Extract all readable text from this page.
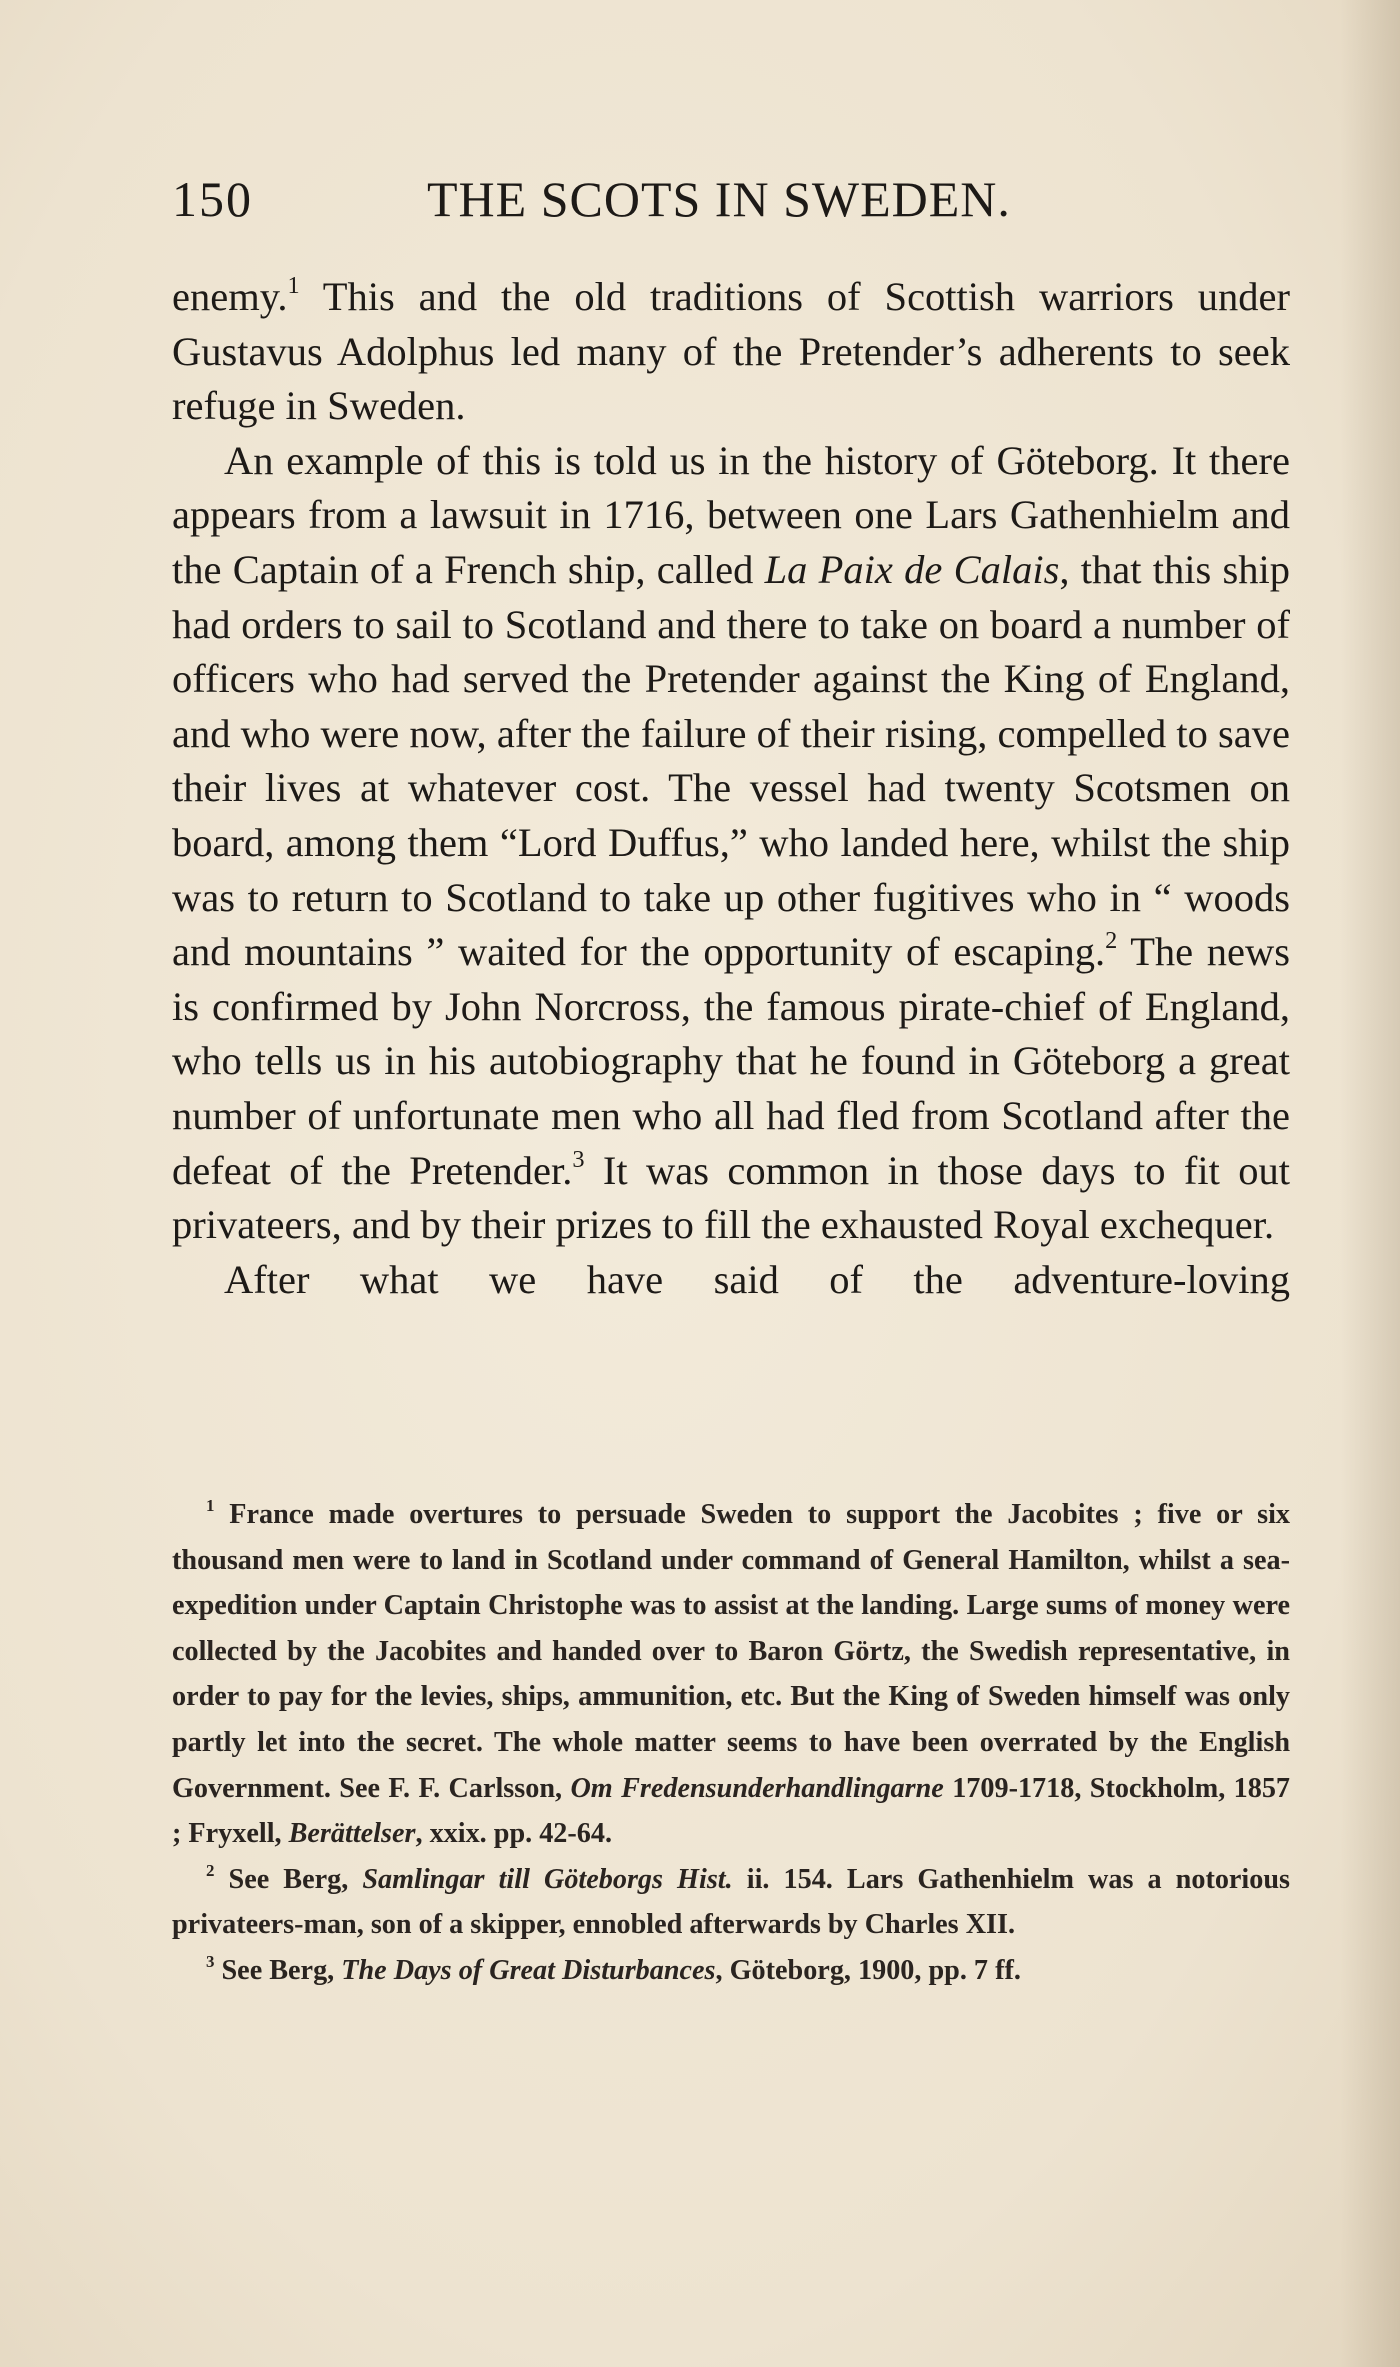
150	THE SCOTS IN SWEDEN.

enemy.$^1$ This and the old traditions of Scottish warriors under Gustavus Adolphus led many of the Pretender’s adherents to seek refuge in Sweden.

An example of this is told us in the history of Göteborg. It there appears from a lawsuit in 1716, between one Lars Gathenhielm and the Captain of a French ship, called La Paix de Calais, that this ship had orders to sail to Scotland and there to take on board a number of officers who had served the Pretender against the King of England, and who were now, after the failure of their rising, compelled to save their lives at whatever cost. The vessel had twenty Scotsmen on board, among them “Lord Duffus,” who landed here, whilst the ship was to return to Scotland to take up other fugitives who in “ woods and mountains ” waited for the opportunity of escaping.$^2$ The news is confirmed by John Norcross, the famous pirate-chief of England, who tells us in his autobiography that he found in Göteborg a great number of unfortunate men who all had fled from Scotland after the defeat of the Pretender.$^3$ It was common in those days to fit out privateers, and by their prizes to fill the exhausted Royal exchequer.

After what we have said of the adventure-loving

$^1$ France made overtures to persuade Sweden to support the Jacobites ; five or six thousand men were to land in Scotland under command of General Hamilton, whilst a sea-expedition under Captain Christophe was to assist at the landing. Large sums of money were collected by the Jacobites and handed over to Baron Görtz, the Swedish representative, in order to pay for the levies, ships, ammunition, etc. But the King of Sweden himself was only partly let into the secret. The whole matter seems to have been overrated by the English Government. See F. F. Carlsson, Om Fredensunderhandlingarne 1709-1718, Stockholm, 1857 ; Fryxell, Berättelser, xxix. pp. 42-64.

$^2$ See Berg, Samlingar till Göteborgs Hist. ii. 154. Lars Gathenhielm was a notorious privateers-man, son of a skipper, ennobled afterwards by Charles XII.

$^3$ See Berg, The Days of Great Disturbances, Göteborg, 1900, pp. 7 ff.
